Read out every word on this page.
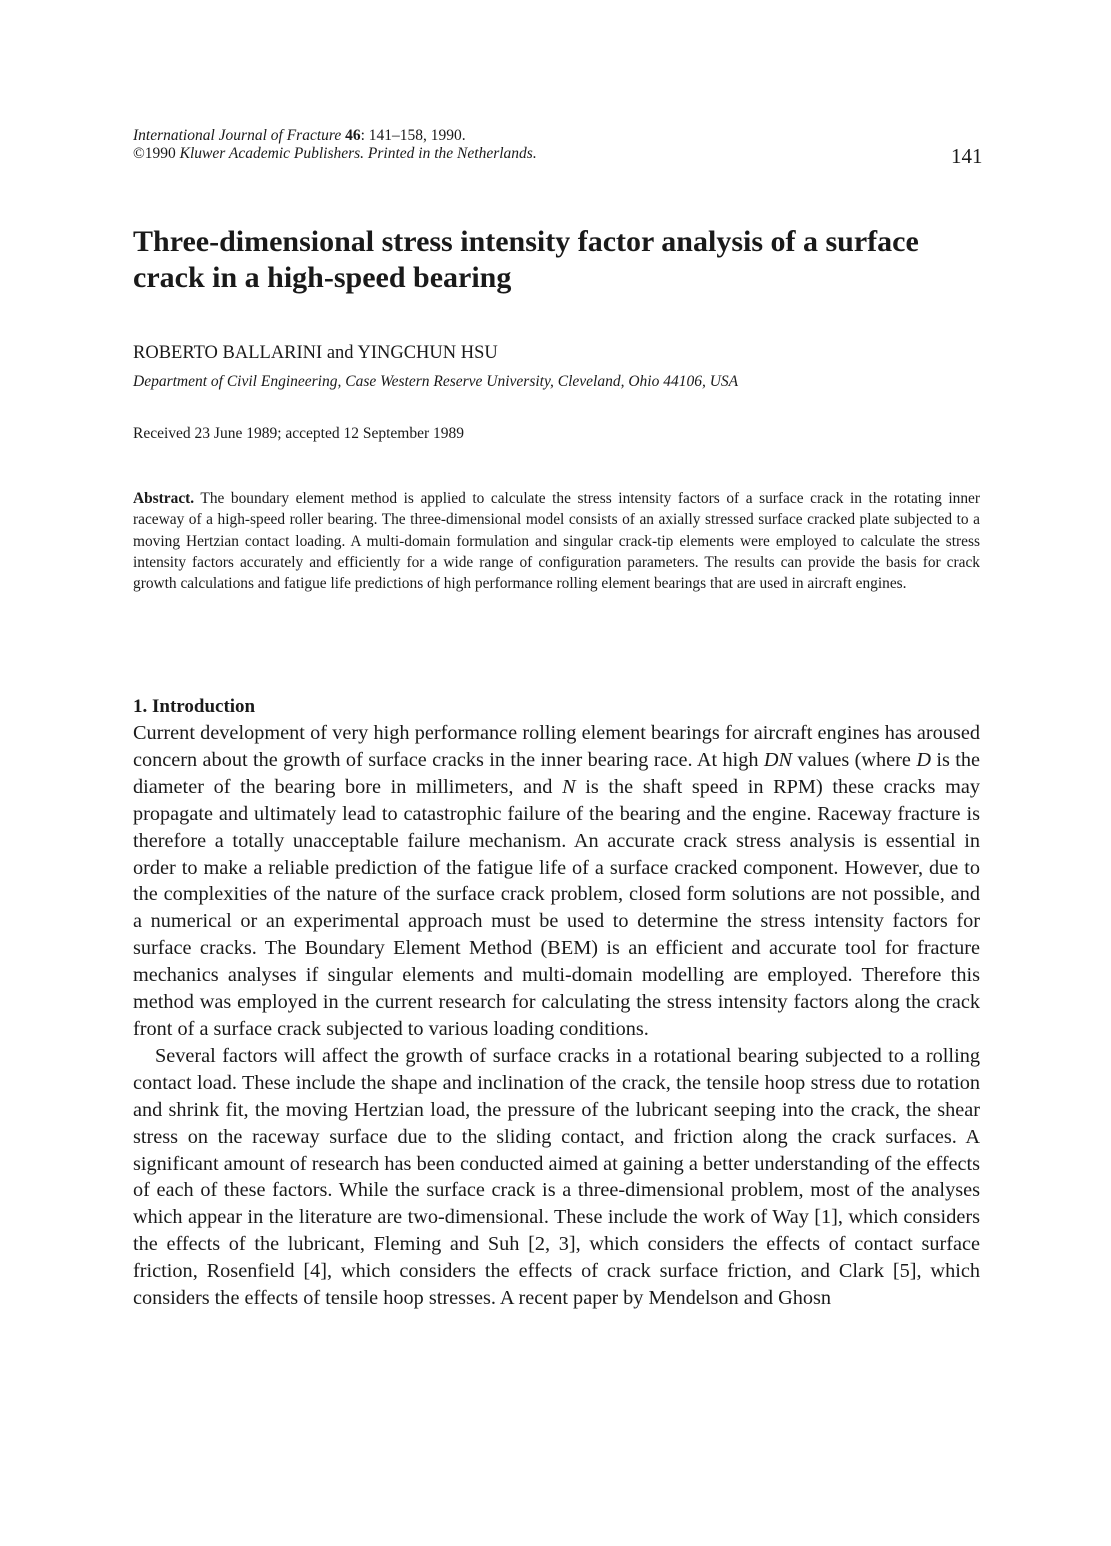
International Journal of Fracture 46: 141–158, 1990.
©1990 Kluwer Academic Publishers. Printed in the Netherlands.	141
Three-dimensional stress intensity factor analysis of a surface crack in a high-speed bearing
ROBERTO BALLARINI and YINGCHUN HSU
Department of Civil Engineering, Case Western Reserve University, Cleveland, Ohio 44106, USA
Received 23 June 1989; accepted 12 September 1989

Abstract. The boundary element method is applied to calculate the stress intensity factors of a surface crack in the rotating inner raceway of a high-speed roller bearing. The three-dimensional model consists of an axially stressed surface cracked plate subjected to a moving Hertzian contact loading. A multi-domain formulation and singular crack-tip elements were employed to calculate the stress intensity factors accurately and efficiently for a wide range of configuration parameters. The results can provide the basis for crack growth calculations and fatigue life predictions of high performance rolling element bearings that are used in aircraft engines.

1. Introduction

Current development of very high performance rolling element bearings for aircraft engines has aroused concern about the growth of surface cracks in the inner bearing race. At high DN values (where D is the diameter of the bearing bore in millimeters, and N is the shaft speed in RPM) these cracks may propagate and ultimately lead to catastrophic failure of the bearing and the engine. Raceway fracture is therefore a totally unacceptable failure mechanism. An accurate crack stress analysis is essential in order to make a reliable prediction of the fatigue life of a surface cracked component. However, due to the complexities of the nature of the surface crack problem, closed form solutions are not possible, and a numerical or an experimental approach must be used to determine the stress intensity factors for surface cracks. The Boundary Element Method (BEM) is an efficient and accurate tool for fracture mechanics analyses if singular elements and multi-domain modelling are employed. Therefore this method was employed in the current research for calculating the stress intensity factors along the crack front of a surface crack subjected to various loading conditions.

Several factors will affect the growth of surface cracks in a rotational bearing subjected to a rolling contact load. These include the shape and inclination of the crack, the tensile hoop stress due to rotation and shrink fit, the moving Hertzian load, the pressure of the lubricant seeping into the crack, the shear stress on the raceway surface due to the sliding contact, and friction along the crack surfaces. A significant amount of research has been conducted aimed at gaining a better understanding of the effects of each of these factors. While the surface crack is a three-dimensional problem, most of the analyses which appear in the literature are two-dimensional. These include the work of Way [1], which considers the effects of the lubricant, Fleming and Suh [2, 3], which considers the effects of contact surface friction, Rosenfield [4], which considers the effects of crack surface friction, and Clark [5], which considers the effects of tensile hoop stresses. A recent paper by Mendelson and Ghosn
